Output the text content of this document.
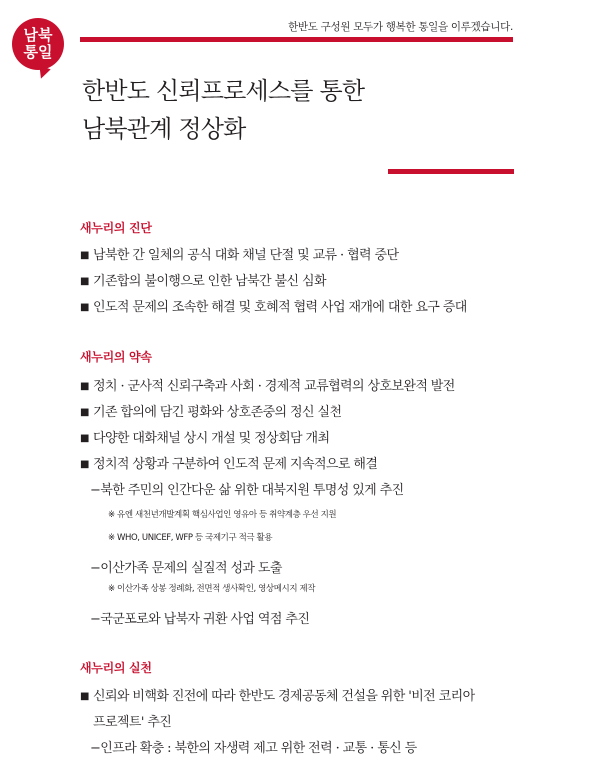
남북
통일
한반도 구성원 모두가 행복한 통일을 이루겠습니다.
한반도 신뢰프로세스를 통한
남북관계 정상화
새누리의 진단
■ 남북한 간 일체의 공식 대화 채널 단절 및 교류 · 협력 중단
■ 기존합의 불이행으로 인한 남북간 불신 심화
■ 인도적 문제의 조속한 해결 및 호혜적 협력 사업 재개에 대한 요구 증대
새누리의 약속
■ 정치 · 군사적 신뢰구축과 사회 · 경제적 교류협력의 상호보완적 발전
■ 기존 합의에 담긴 평화와 상호존중의 정신 실천
■ 다양한 대화채널 상시 개설 및 정상회담 개최
■ 정치적 상황과 구분하여 인도적 문제 지속적으로 해결
−북한 주민의 인간다운 삶 위한 대북지원 투명성 있게 추진
※ 유엔 새천년개발계획 핵심사업인 영유아 등 취약계층 우선 지원
※ WHO, UNICEF, WFP 등 국제기구 적극 활용
−이산가족 문제의 실질적 성과 도출
※ 이산가족 상봉 정례화, 전면적 생사확인, 영상메시지 제작
−국군포로와 납북자 귀환 사업 역점 추진
새누리의 실천
■ 신뢰와 비핵화 진전에 따라 한반도 경제공동체 건설을 위한 '비전 코리아
프로젝트' 추진
−인프라 확충 : 북한의 자생력 제고 위한 전력 · 교통 · 통신 등
